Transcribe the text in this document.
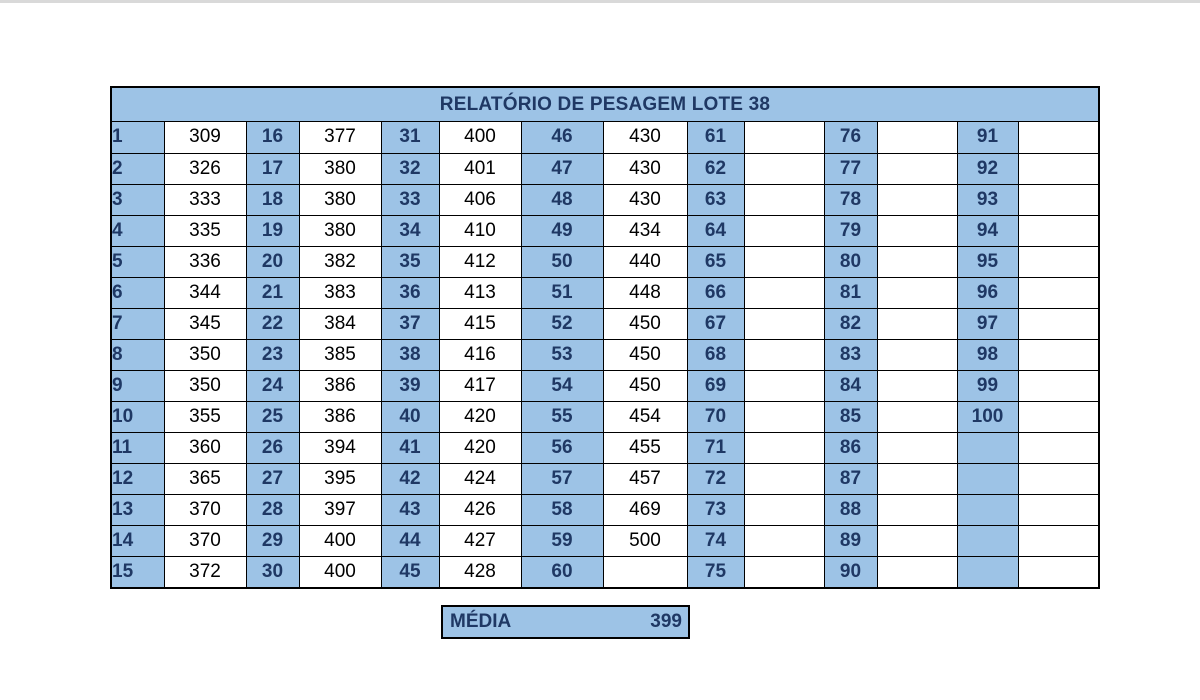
RELATÓRIO DE PESAGEM LOTE 38
1	309	16	377	31	400	46	430	61		76		91	
2	326	17	380	32	401	47	430	62		77		92	
3	333	18	380	33	406	48	430	63		78		93	
4	335	19	380	34	410	49	434	64		79		94	
5	336	20	382	35	412	50	440	65		80		95	
6	344	21	383	36	413	51	448	66		81		96	
7	345	22	384	37	415	52	450	67		82		97	
8	350	23	385	38	416	53	450	68		83		98	
9	350	24	386	39	417	54	450	69		84		99	
10	355	25	386	40	420	55	454	70		85		100	
11	360	26	394	41	420	56	455	71		86			
12	365	27	395	42	424	57	457	72		87			
13	370	28	397	43	426	58	469	73		88			
14	370	29	400	44	427	59	500	74		89			
15	372	30	400	45	428	60		75		90			
MÉDIA	399
